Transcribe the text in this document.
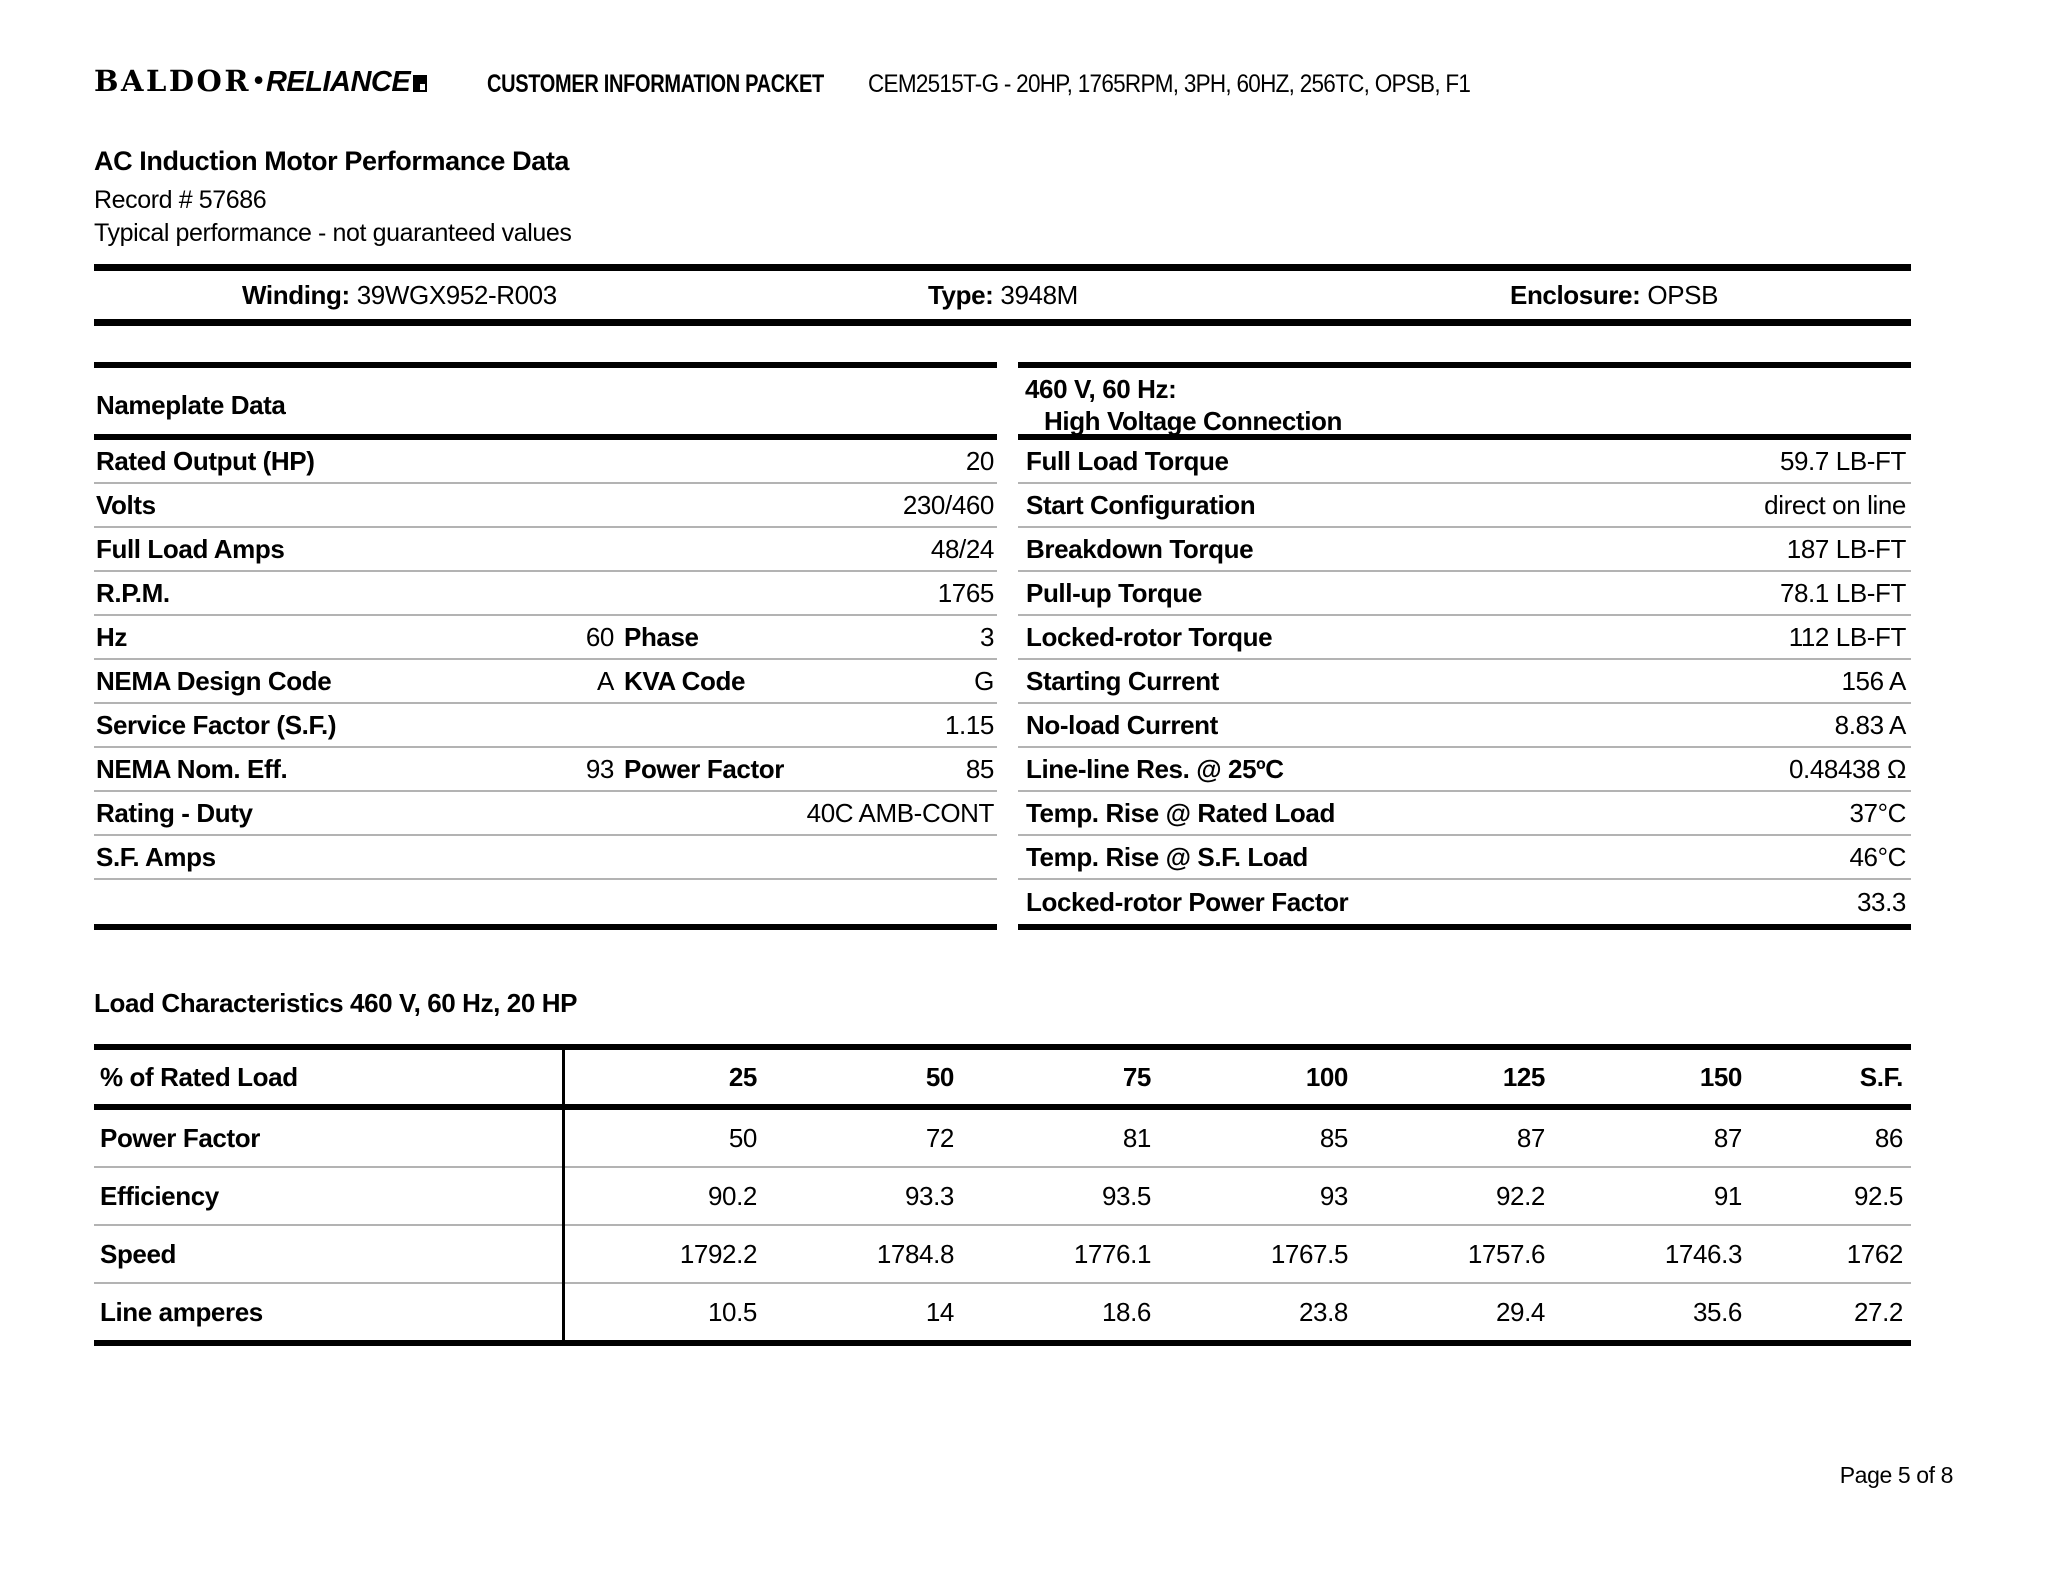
BALDOR • RELIANCE	CUSTOMER INFORMATION PACKET CEM2515T-G - 20HP, 1765RPM, 3PH, 60HZ, 256TC, OPSB, F1
AC Induction Motor Performance Data
Record # 57686
Typical performance - not guaranteed values
Winding: 39WGX952-R003	Type: 3948M	Enclosure: OPSB
Nameplate Data
Rated Output (HP)	20
Volts	230/460
Full Load Amps	48/24
R.P.M.	1765
Hz	60 Phase	3
NEMA Design Code	A KVA Code	G
Service Factor (S.F.)	1.15
NEMA Nom. Eff.	93 Power Factor	85
Rating - Duty	40C AMB-CONT
S.F. Amps
460 V, 60 Hz:
High Voltage Connection
Full Load Torque	59.7 LB-FT
Start Configuration	direct on line
Breakdown Torque	187 LB-FT
Pull-up Torque	78.1 LB-FT
Locked-rotor Torque	112 LB-FT
Starting Current	156 A
No-load Current	8.83 A
Line-line Res. @ 25ºC	0.48438 Ω
Temp. Rise @ Rated Load	37°C
Temp. Rise @ S.F. Load	46°C
Locked-rotor Power Factor	33.3
Load Characteristics 460 V, 60 Hz, 20 HP
% of Rated Load	25	50	75	100	125	150	S.F.
Power Factor	50	72	81	85	87	87	86
Efficiency	90.2	93.3	93.5	93	92.2	91	92.5
Speed	1792.2	1784.8	1776.1	1767.5	1757.6	1746.3	1762
Line amperes	10.5	14	18.6	23.8	29.4	35.6	27.2
Page 5 of 8
